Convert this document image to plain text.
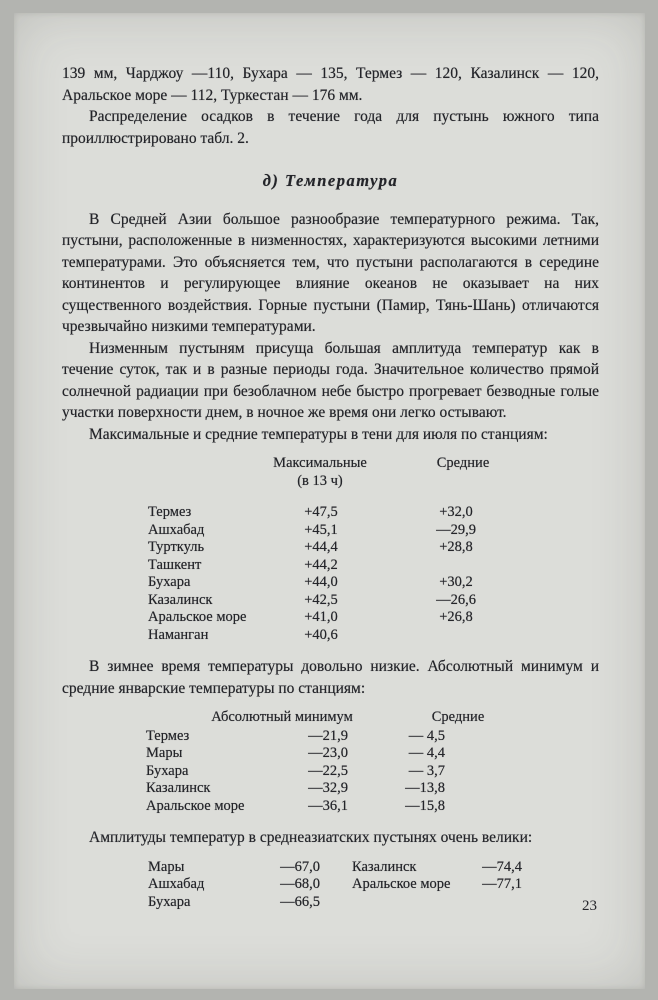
139 мм, Чарджоу —110, Бухара — 135, Термез — 120, Казалинск — 120, Аральское море — 112, Туркестан — 176 мм.

Распределение осадков в течение года для пустынь южного типа проиллюстрировано табл. 2.

д) Температура

В Средней Азии большое разнообразие температурного режима. Так, пустыни, расположенные в низменностях, характеризуются высокими летними температурами. Это объясняется тем, что пустыни располагаются в середине континентов и регулирующее влияние океанов не оказывает на них существенного воздействия. Горные пустыни (Памир, Тянь-Шань) отличаются чрезвычайно низкими температурами.

Низменным пустыням присуща большая амплитуда температур как в течение суток, так и в разные периоды года. Значительное количество прямой солнечной радиации при безоблачном небе быстро прогревает безводные голые участки поверхности днем, в ночное же время они легко остывают.

Максимальные и средние температуры в тени для июля по станциям:

Максимальные
(в 13 ч)
Средние
Термез	+47,5	+32,0
Ашхабад	+45,1	—29,9
Турткуль	+44,4	+28,8
Ташкент	+44,2
Бухара	+44,0	+30,2
Казалинск	+42,5	—26,6
Аральское море	+41,0	+26,8
Наманган	+40,6

В зимнее время температуры довольно низкие. Абсолютный минимум и средние январские температуры по станциям:

Абсолютный минимум	Средние
Термез	—21,9	— 4,5
Мары	—23,0	— 4,4
Бухара	—22,5	— 3,7
Казалинск	—32,9	—13,8
Аральское море	—36,1	—15,8

Амплитуды температур в среднеазиатских пустынях очень велики:

Мары	—67,0 Казалинск	—74,4
Ашхабад	—68,0 Аральское море	—77,1
Бухара	—66,5	23
